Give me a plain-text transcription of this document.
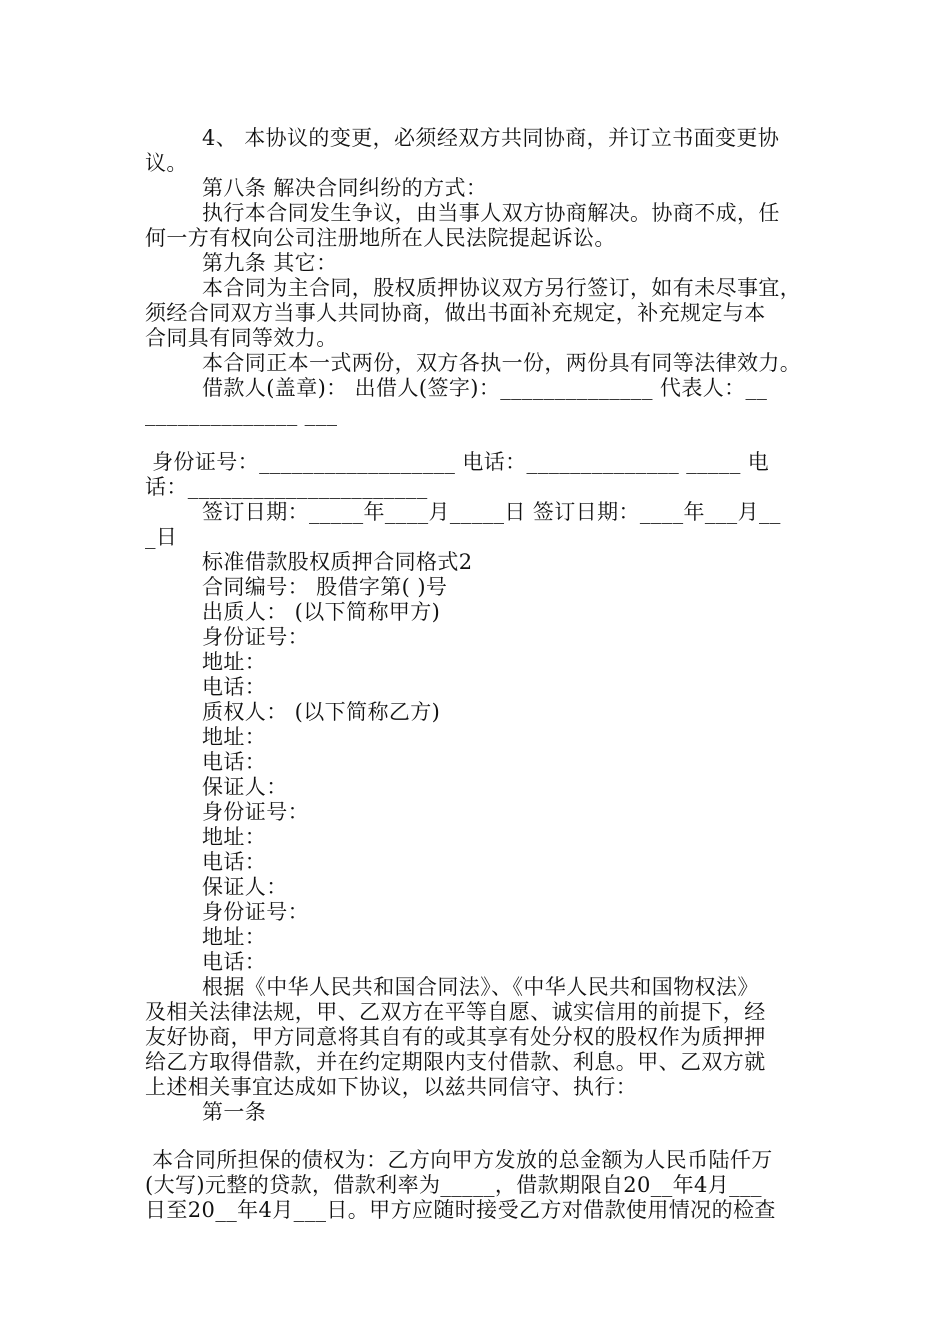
4、 本协议的变更，必须经双方共同协商，并订立书面变更协
议。
第八条 解决合同纠纷的方式：
执行本合同发生争议，由当事人双方协商解决。协商不成，任
何一方有权向公司注册地所在人民法院提起诉讼。
第九条 其它：
本合同为主合同，股权质押协议双方另行签订，如有未尽事宜，
须经合同双方当事人共同协商，做出书面补充规定，补充规定与本
合同具有同等效力。
本合同正本一式两份，双方各执一份，两份具有同等法律效力。
借款人(盖章)： 出借人(签字)：______________ 代表人：__
______________ ___
身份证号：__________________ 电话：______________ _____ 电
话：______________________
签订日期：_____年____月_____日 签订日期：____年___月__
_日
标准借款股权质押合同格式2
合同编号： 股借字第( )号
出质人： (以下简称甲方)
身份证号：
地址：
电话：
质权人： (以下简称乙方)
地址：
电话：
保证人：
身份证号：
地址：
电话：
保证人：
身份证号：
地址：
电话：
根据《中华人民共和国合同法》、《中华人民共和国物权法》
及相关法律法规，甲、乙双方在平等自愿、诚实信用的前提下，经
友好协商，甲方同意将其自有的或其享有处分权的股权作为质押押
给乙方取得借款，并在约定期限内支付借款、利息。甲、乙双方就
上述相关事宜达成如下协议，以兹共同信守、执行：
第一条
本合同所担保的债权为：乙方向甲方发放的总金额为人民币陆仟万
(大写)元整的贷款，借款利率为_____，借款期限自20__年4月___
日至20__年4月___日。甲方应随时接受乙方对借款使用情况的检查
